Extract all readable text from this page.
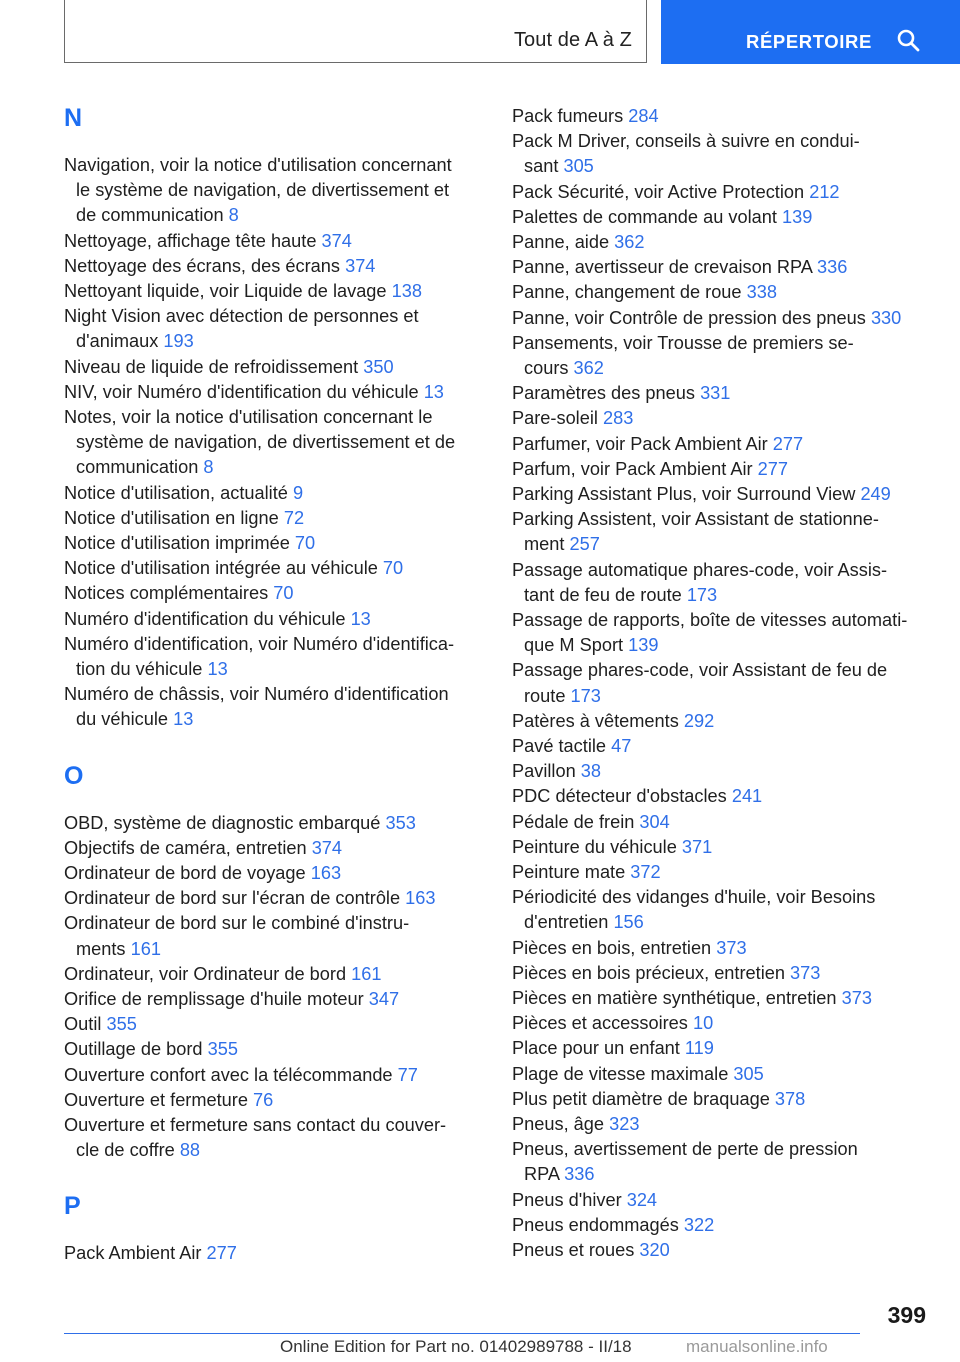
Tout de A à Z	RÉPERTOIRE
N
Navigation, voir la notice d'utilisation concernant
le système de navigation, de divertissement et
de communication 8
Nettoyage, affichage tête haute 374
Nettoyage des écrans, des écrans 374
Nettoyant liquide, voir Liquide de lavage 138
Night Vision avec détection de personnes et
d'animaux 193
Niveau de liquide de refroidissement 350
NIV, voir Numéro d'identification du véhicule 13
Notes, voir la notice d'utilisation concernant le
système de navigation, de divertissement et de
communication 8
Notice d'utilisation, actualité 9
Notice d'utilisation en ligne 72
Notice d'utilisation imprimée 70
Notice d'utilisation intégrée au véhicule 70
Notices complémentaires 70
Numéro d'identification du véhicule 13
Numéro d'identification, voir Numéro d'identifica-
tion du véhicule 13
Numéro de châssis, voir Numéro d'identification
du véhicule 13
O
OBD, système de diagnostic embarqué 353
Objectifs de caméra, entretien 374
Ordinateur de bord de voyage 163
Ordinateur de bord sur l'écran de contrôle 163
Ordinateur de bord sur le combiné d'instru-
ments 161
Ordinateur, voir Ordinateur de bord 161
Orifice de remplissage d'huile moteur 347
Outil 355
Outillage de bord 355
Ouverture confort avec la télécommande 77
Ouverture et fermeture 76
Ouverture et fermeture sans contact du couver-
cle de coffre 88
P
Pack Ambient Air 277
Pack fumeurs 284
Pack M Driver, conseils à suivre en condui-
sant 305
Pack Sécurité, voir Active Protection 212
Palettes de commande au volant 139
Panne, aide 362
Panne, avertisseur de crevaison RPA 336
Panne, changement de roue 338
Panne, voir Contrôle de pression des pneus 330
Pansements, voir Trousse de premiers se-
cours 362
Paramètres des pneus 331
Pare-soleil 283
Parfumer, voir Pack Ambient Air 277
Parfum, voir Pack Ambient Air 277
Parking Assistant Plus, voir Surround View 249
Parking Assistent, voir Assistant de stationne-
ment 257
Passage automatique phares-code, voir Assis-
tant de feu de route 173
Passage de rapports, boîte de vitesses automati-
que M Sport 139
Passage phares-code, voir Assistant de feu de
route 173
Patères à vêtements 292
Pavé tactile 47
Pavillon 38
PDC détecteur d'obstacles 241
Pédale de frein 304
Peinture du véhicule 371
Peinture mate 372
Périodicité des vidanges d'huile, voir Besoins
d'entretien 156
Pièces en bois, entretien 373
Pièces en bois précieux, entretien 373
Pièces en matière synthétique, entretien 373
Pièces et accessoires 10
Place pour un enfant 119
Plage de vitesse maximale 305
Plus petit diamètre de braquage 378
Pneus, âge 323
Pneus, avertissement de perte de pression
RPA 336
Pneus d'hiver 324
Pneus endommagés 322
Pneus et roues 320
399
Online Edition for Part no. 01402989788 - II/18	manualsonline.info
